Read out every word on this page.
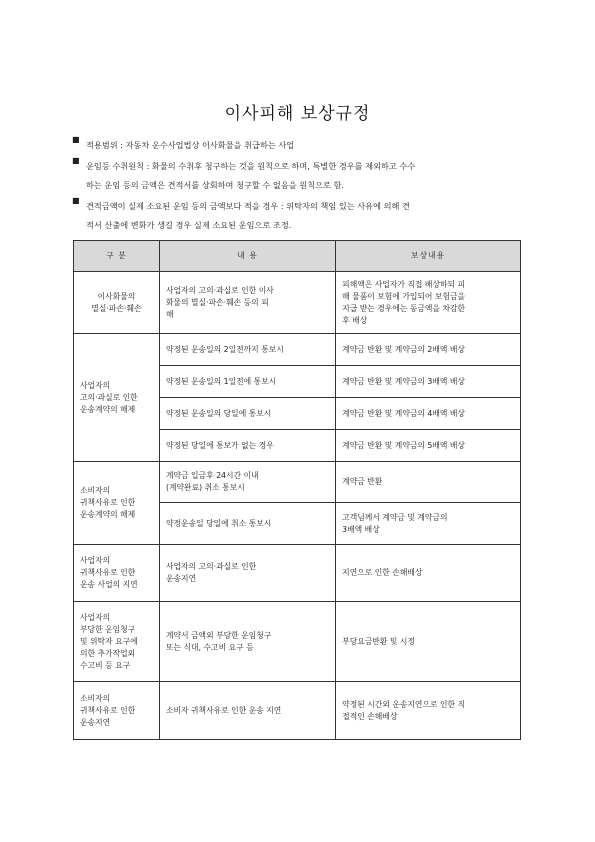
이사피해 보상규정
■
적용범위 : 자동차 운수사업법상 이사화물을 취급하는 사업
■
운임등 수취원칙 : 화물의 수취후 청구하는 것을 원칙으로 하며, 특별한 경우를 제외하고 수수
하는 운임 등의 금액은 견적서를 상회하여 청구할 수 없음을 원칙으로 함.
■
견적금액이 실제 소요된 운임 등의 금액보다 적을 경우 : 위탁자의 책임 있는 사유에 의해 견
적서 산출에 변화가 생길 경우 실제 소요된 운임으로 조정.
구 분	내 용	보상내용
이사화물의
멸실·파손·훼손	사업자의 고의·과실로 인한 이사
화물의 멸실·파손·훼손 등의 피
해	피해액은 사업자가 직접 배상하되 피
해 물품이 보험에 가입되어 보험금을
지급 받는 경우에는 동금액을 차감한
후 배상
사업자의
고의·과실로 인한
운송계약의 해제	약정된 운송일의 2일전까지 통보시	계약금 반환 및 계약금의 2배액 배상
	약정된 운송일의 1일전에 통보시	계약금 반환 및 계약금의 3배액 배상
	약정된 운송일의 당일에 통보시	계약금 반환 및 계약금의 4배액 배상
	약정된 당일에 통보가 없는 경우	계약금 반환 및 계약금의 5배액 배상
소비자의
귀책사유로 인한
운송계약의 해제	계약금 입금후 24시간 이내
(계약완료) 취소 통보시	계약금 반환
	약정운송일 당일에 취소 통보시	고객님께서 계약금 및 계약금의
3배액 배상
사업자의
귀책사유로 인한
운송 사업의 지연	사업자의 고의·과실로 인한
운송지연	지연으로 인한 손해배상
사업자의
부당한 운임청구
및 위탁자 요구에
의한 추가작업외
수고비 등 요구	계약서 금액외 부당한 운임청구
또는 식대, 수고비 요구 등	부당요금반환 및 시정
소비자의
귀책사유로 인한
운송지연	소비자 귀책사유로 인한 운송 지연	약정된 시간외 운송지연으로 인한 직
접적인 손해배상
